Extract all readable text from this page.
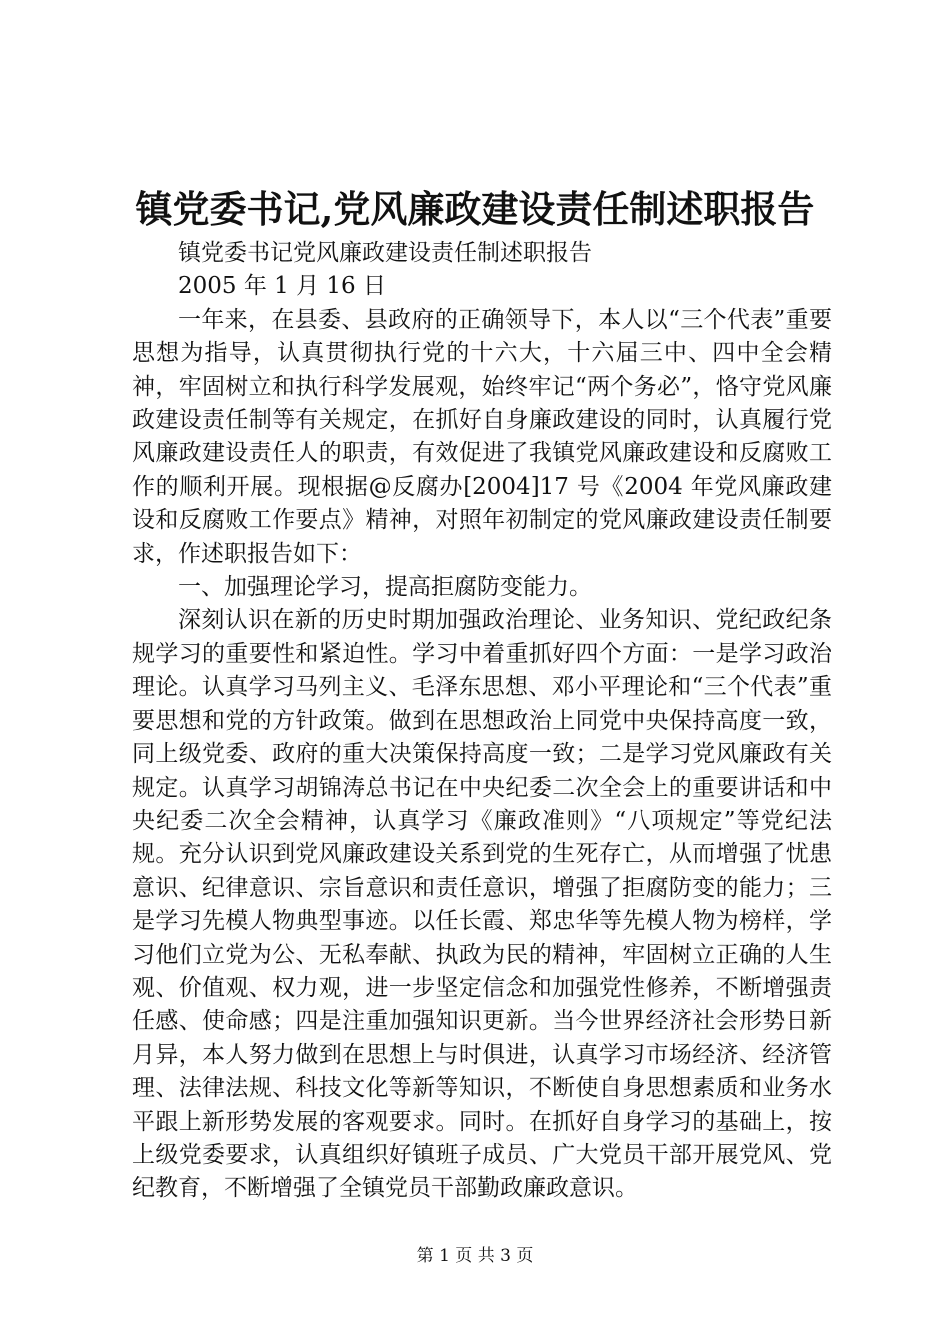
镇党委书记,党风廉政建设责任制述职报告

镇党委书记党风廉政建设责任制述职报告

2005 年 1 月 16 日

一年来，在县委、县政府的正确领导下，本人以“三个代表”重要思想为指导，认真贯彻执行党的十六大，十六届三中、四中全会精神，牢固树立和执行科学发展观，始终牢记“两个务必”，恪守党风廉政建设责任制等有关规定，在抓好自身廉政建设的同时，认真履行党风廉政建设责任人的职责，有效促进了我镇党风廉政建设和反腐败工作的顺利开展。现根据@反腐办[2004]17 号《2004 年党风廉政建设和反腐败工作要点》精神，对照年初制定的党风廉政建设责任制要求，作述职报告如下：

一、加强理论学习，提高拒腐防变能力。

深刻认识在新的历史时期加强政治理论、业务知识、党纪政纪条规学习的重要性和紧迫性。学习中着重抓好四个方面：一是学习政治理论。认真学习马列主义、毛泽东思想、邓小平理论和“三个代表”重要思想和党的方针政策。做到在思想政治上同党中央保持高度一致，同上级党委、政府的重大决策保持高度一致；二是学习党风廉政有关规定。认真学习胡锦涛总书记在中央纪委二次全会上的重要讲话和中央纪委二次全会精神，认真学习《廉政准则》“八项规定”等党纪法规。充分认识到党风廉政建设关系到党的生死存亡，从而增强了忧患意识、纪律意识、宗旨意识和责任意识，增强了拒腐防变的能力；三是学习先模人物典型事迹。以任长霞、郑忠华等先模人物为榜样，学习他们立党为公、无私奉献、执政为民的精神，牢固树立正确的人生观、价值观、权力观，进一步坚定信念和加强党性修养，不断增强责任感、使命感；四是注重加强知识更新。当今世界经济社会形势日新月异，本人努力做到在思想上与时俱进，认真学习市场经济、经济管理、法律法规、科技文化等新等知识，不断使自身思想素质和业务水平跟上新形势发展的客观要求。同时。在抓好自身学习的基础上，按上级党委要求，认真组织好镇班子成员、广大党员干部开展党风、党纪教育，不断增强了全镇党员干部勤政廉政意识。

第 1 页 共 3 页
